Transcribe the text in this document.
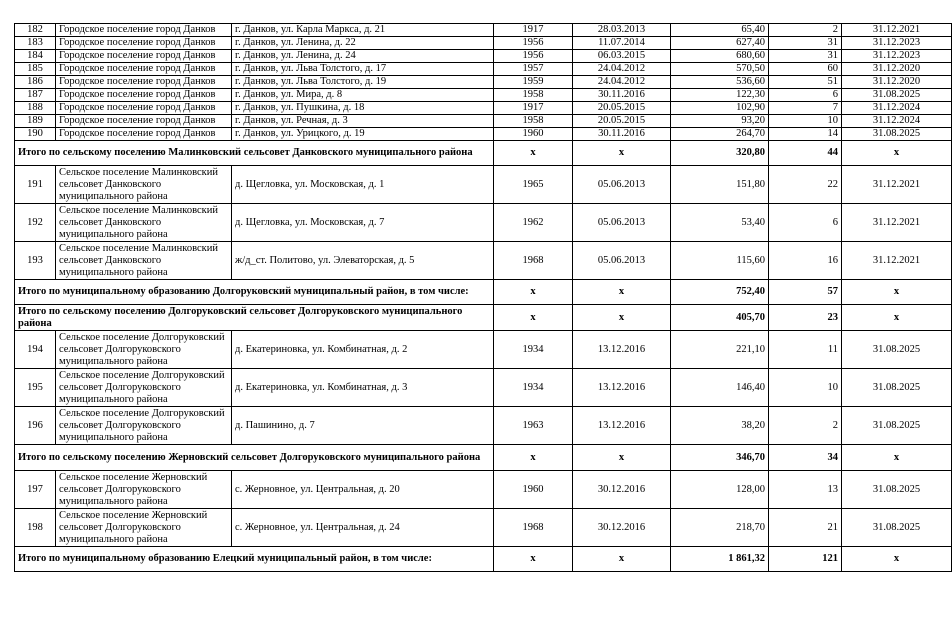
182	Городское поселение город Данков	г. Данков, ул. Карла Маркса, д. 21	1917	28.03.2013	65,40	2	31.12.2021
183	Городское поселение город Данков	г. Данков, ул. Ленина, д. 22	1956	11.07.2014	627,40	31	31.12.2023
184	Городское поселение город Данков	г. Данков, ул. Ленина, д. 24	1956	06.03.2015	680,60	31	31.12.2023
185	Городское поселение город Данков	г. Данков, ул. Льва Толстого, д. 17	1957	24.04.2012	570,50	60	31.12.2020
186	Городское поселение город Данков	г. Данков, ул. Льва Толстого, д. 19	1959	24.04.2012	536,60	51	31.12.2020
187	Городское поселение город Данков	г. Данков, ул. Мира, д. 8	1958	30.11.2016	122,30	6	31.08.2025
188	Городское поселение город Данков	г. Данков, ул. Пушкина, д. 18	1917	20.05.2015	102,90	7	31.12.2024
189	Городское поселение город Данков	г. Данков, ул. Речная, д. 3	1958	20.05.2015	93,20	10	31.12.2024
190	Городское поселение город Данков	г. Данков, ул. Урицкого, д. 19	1960	30.11.2016	264,70	14	31.08.2025
Итого по сельскому поселению Малинковский сельсовет Данковского муниципального района			x	x	320,80	44	x
191	Сельское поселение Малинковский сельсовет Данковского муниципального района	д. Щегловка, ул. Московская, д. 1	1965	05.06.2013	151,80	22	31.12.2021
192	Сельское поселение Малинковский сельсовет Данковского муниципального района	д. Щегловка, ул. Московская, д. 7	1962	05.06.2013	53,40	6	31.12.2021
193	Сельское поселение Малинковский сельсовет Данковского муниципального района	ж/д_ст. Политово, ул. Элеваторская, д. 5	1968	05.06.2013	115,60	16	31.12.2021
Итого по муниципальному образованию Долгоруковский муниципальный район, в том числе:			x	x	752,40	57	x
Итого по сельскому поселению Долгоруковский сельсовет Долгоруковского муниципального района			x	x	405,70	23	x
194	Сельское поселение Долгоруковский сельсовет Долгоруковского муниципального района	д. Екатериновка, ул. Комбинатная, д. 2	1934	13.12.2016	221,10	11	31.08.2025
195	Сельское поселение Долгоруковский сельсовет Долгоруковского муниципального района	д. Екатериновка, ул. Комбинатная, д. 3	1934	13.12.2016	146,40	10	31.08.2025
196	Сельское поселение Долгоруковский сельсовет Долгоруковского муниципального района	д. Пашинино, д. 7	1963	13.12.2016	38,20	2	31.08.2025
Итого по сельскому поселению Жерновский сельсовет Долгоруковского муниципального района			x	x	346,70	34	x
197	Сельское поселение Жерновский сельсовет Долгоруковского муниципального района	с. Жерновное, ул. Центральная, д. 20	1960	30.12.2016	128,00	13	31.08.2025
198	Сельское поселение Жерновский сельсовет Долгоруковского муниципального района	с. Жерновное, ул. Центральная, д. 24	1968	30.12.2016	218,70	21	31.08.2025
Итого по муниципальному образованию Елецкий муниципальный район, в том числе:			x	x	1 861,32	121	x
